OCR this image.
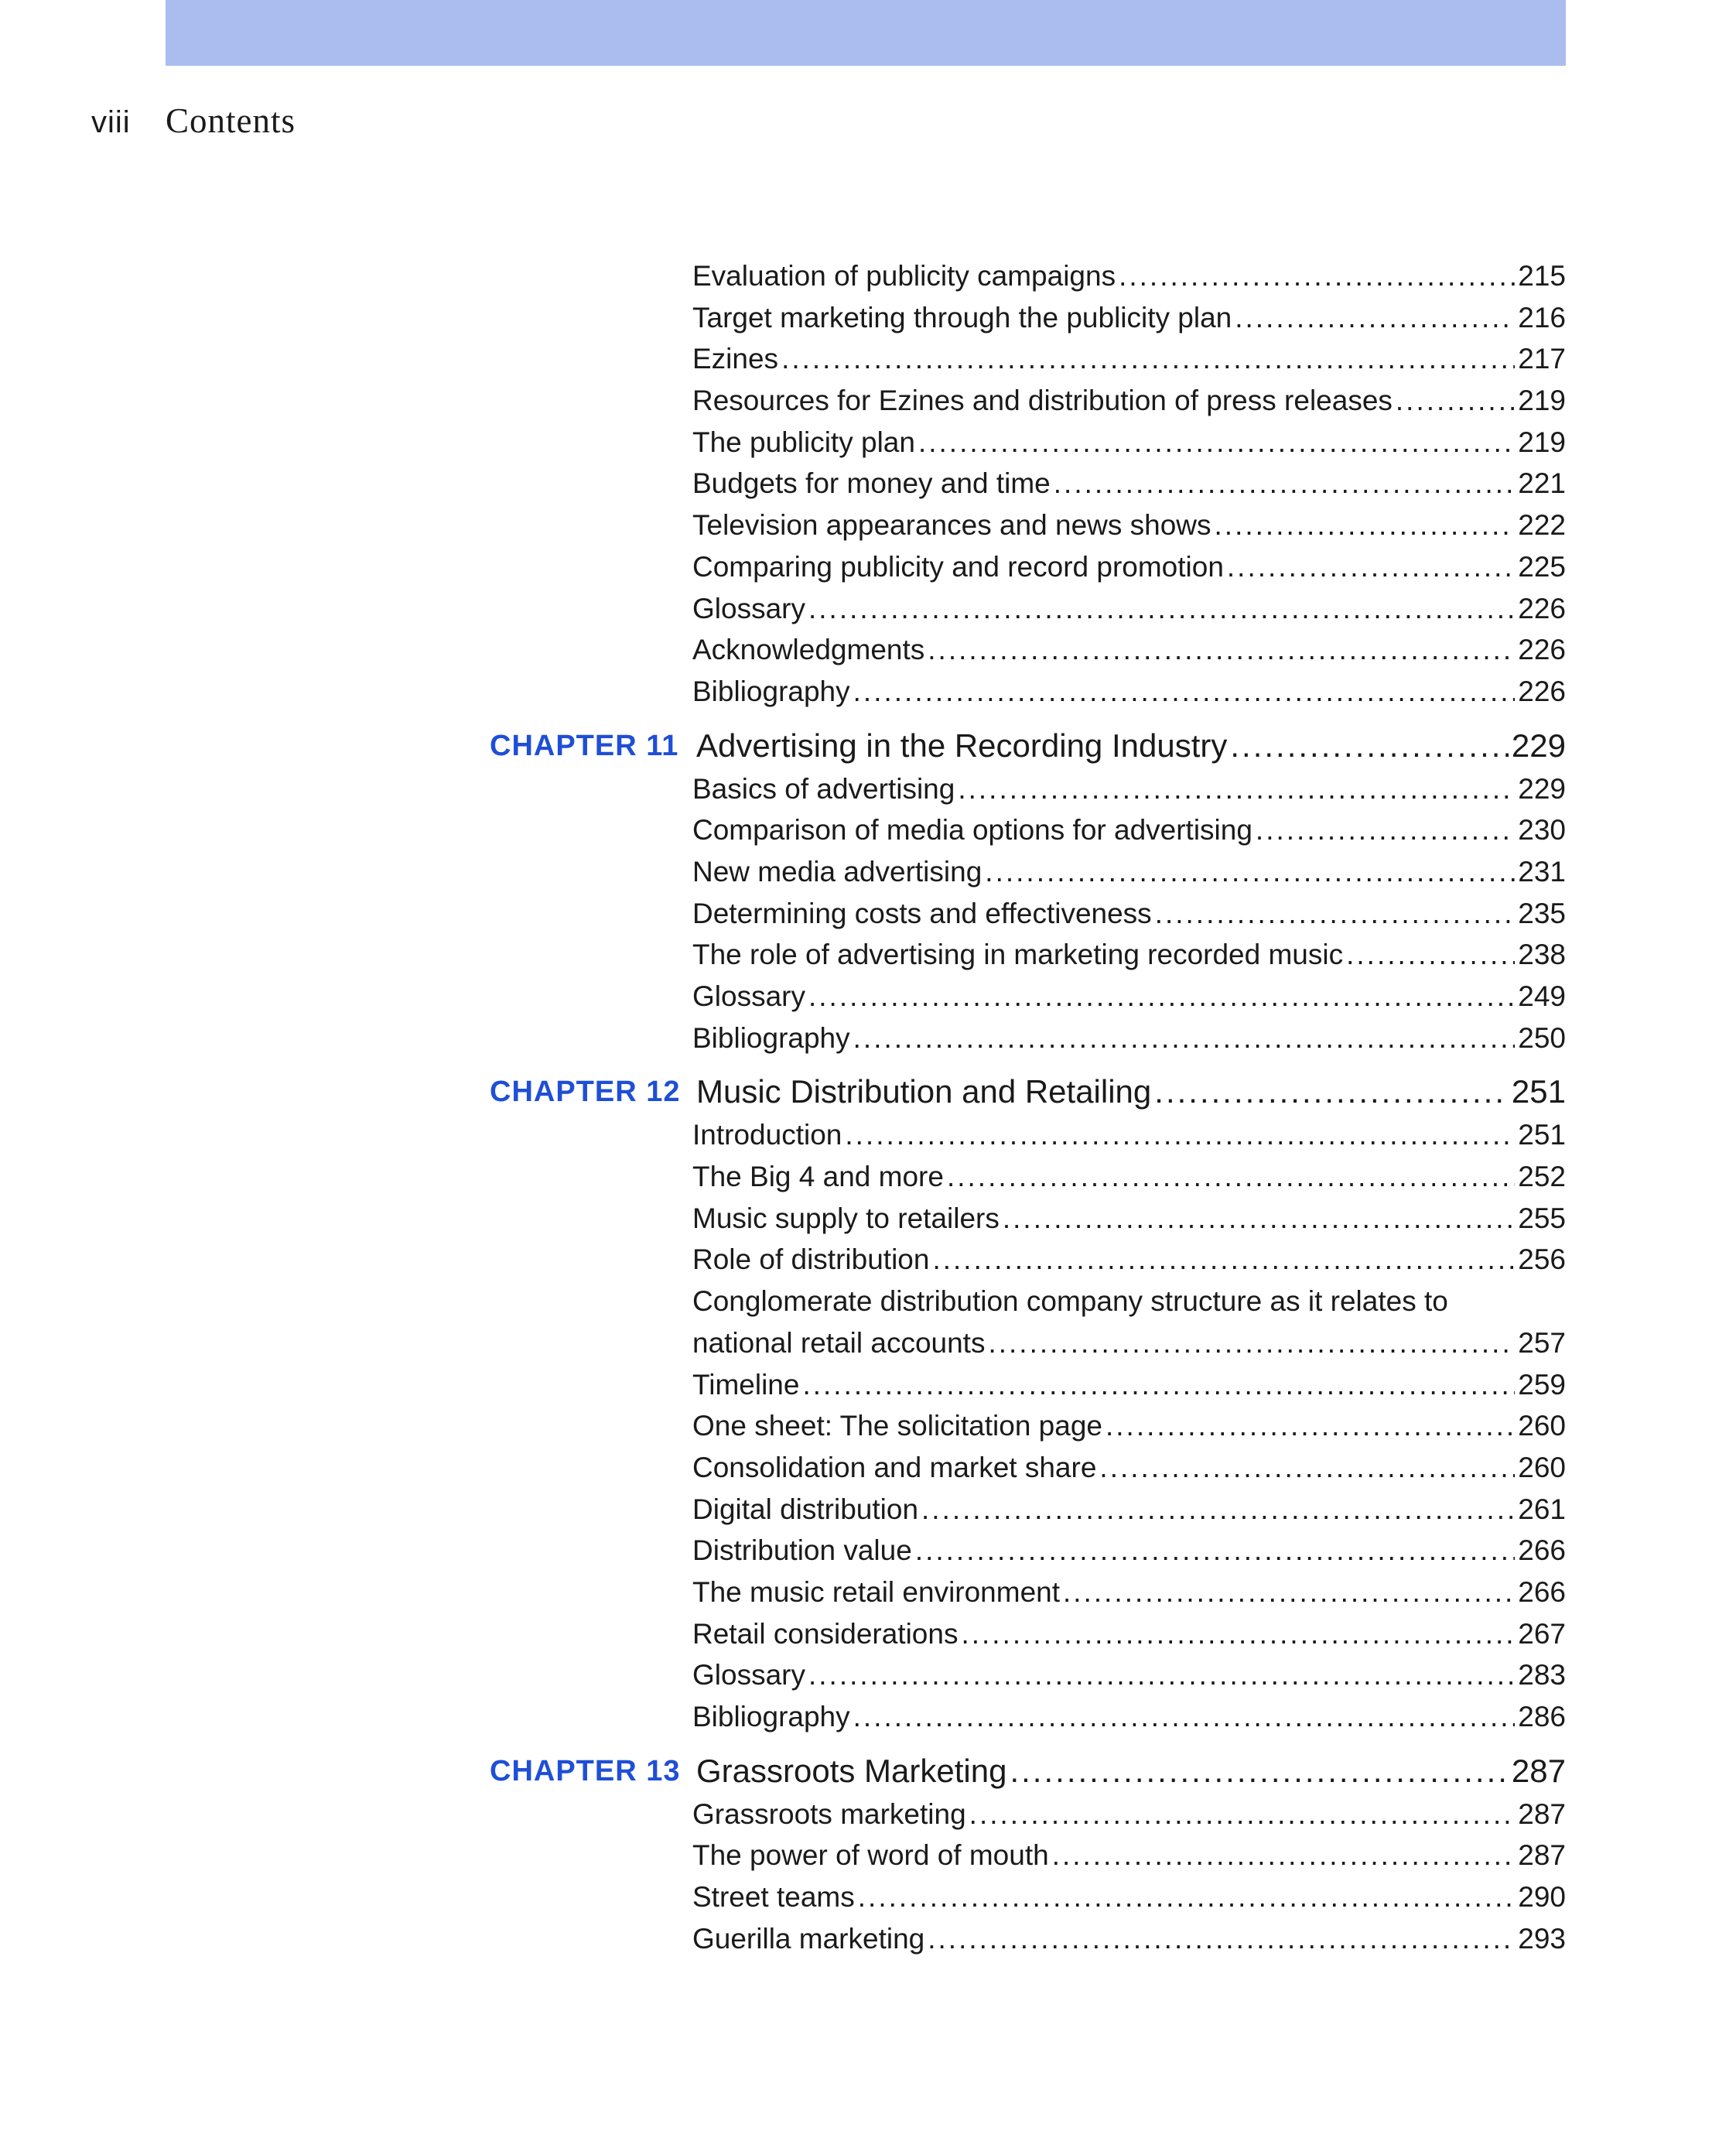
viii	Contents
Evaluation of publicity campaigns .....	215
Target marketing through the publicity plan .....	216
Ezines .....	217
Resources for Ezines and distribution of press releases .....	219
The publicity plan .....	219
Budgets for money and time .....	221
Television appearances and news shows .....	222
Comparing publicity and record promotion .....	225
Glossary .....	226
Acknowledgments .....	226
Bibliography .....	226
CHAPTER 11 Advertising in the Recording Industry .....	229
Basics of advertising .....	229
Comparison of media options for advertising .....	230
New media advertising .....	231
Determining costs and effectiveness .....	235
The role of advertising in marketing recorded music .....	238
Glossary .....	249
Bibliography .....	250
CHAPTER 12 Music Distribution and Retailing .....	251
Introduction .....	251
The Big 4 and more .....	252
Music supply to retailers .....	255
Role of distribution .....	256
Conglomerate distribution company structure as it relates to
national retail accounts .....	257
Timeline .....	259
One sheet: The solicitation page .....	260
Consolidation and market share .....	260
Digital distribution .....	261
Distribution value .....	266
The music retail environment .....	266
Retail considerations .....	267
Glossary .....	283
Bibliography .....	286
CHAPTER 13 Grassroots Marketing .....	287
Grassroots marketing .....	287
The power of word of mouth .....	287
Street teams .....	290
Guerilla marketing .....	293
